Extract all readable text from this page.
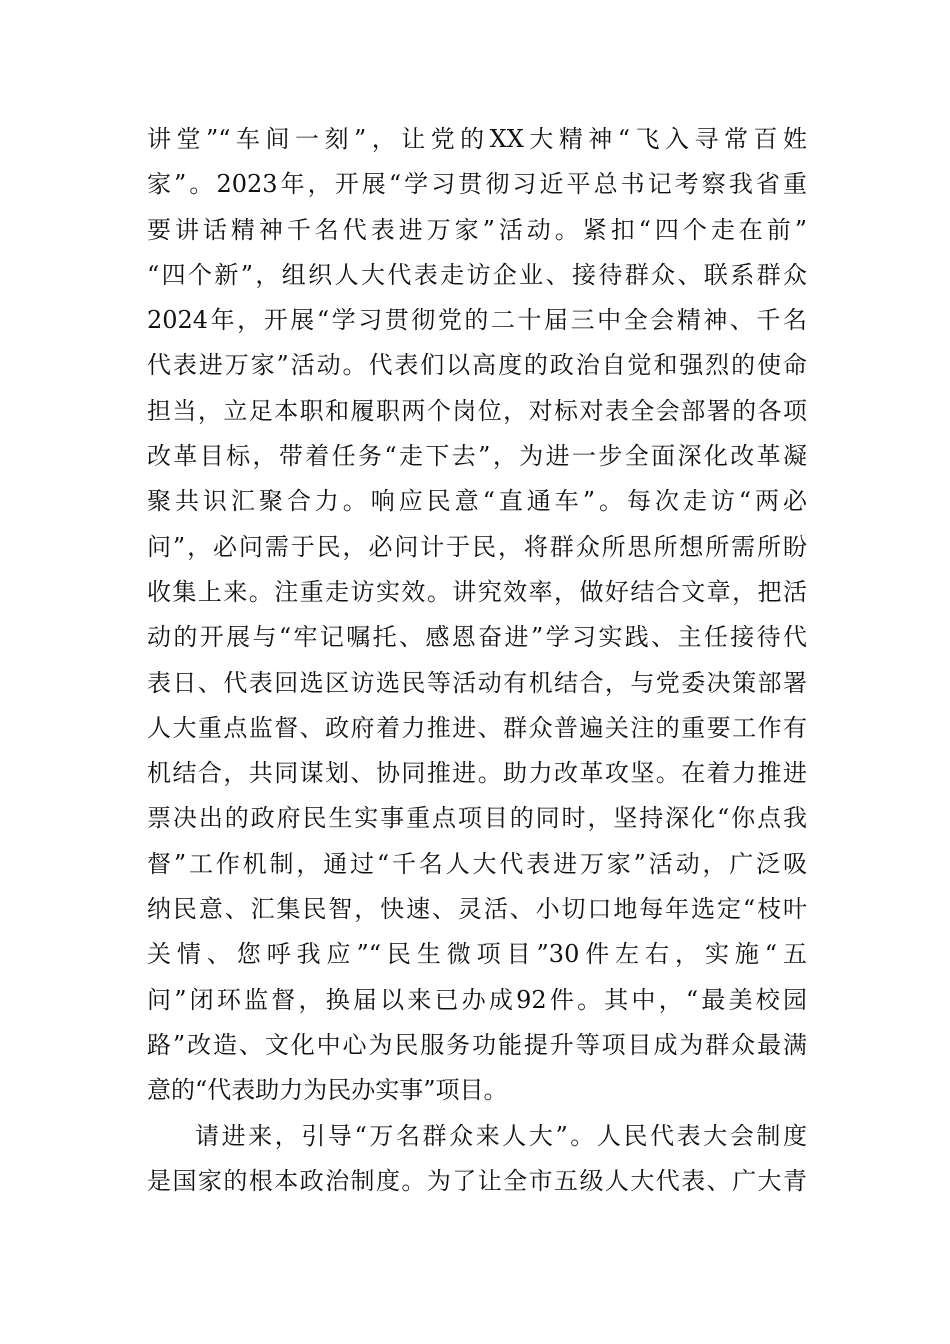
讲堂”“车间一刻”，让党的XX大精神“飞入寻常百姓
家”。2023年，开展“学习贯彻习近平总书记考察我省重
要讲话精神千名代表进万家”活动。紧扣“四个走在前”
“四个新”，组织人大代表走访企业、接待群众、联系群众
2024年，开展“学习贯彻党的二十届三中全会精神、千名
代表进万家”活动。代表们以高度的政治自觉和强烈的使命
担当，立足本职和履职两个岗位，对标对表全会部署的各项
改革目标，带着任务“走下去”，为进一步全面深化改革凝
聚共识汇聚合力。响应民意“直通车”。每次走访“两必
问”，必问需于民，必问计于民，将群众所思所想所需所盼
收集上来。注重走访实效。讲究效率，做好结合文章，把活
动的开展与“牢记嘱托、感恩奋进”学习实践、主任接待代
表日、代表回选区访选民等活动有机结合，与党委决策部署
人大重点监督、政府着力推进、群众普遍关注的重要工作有
机结合，共同谋划、协同推进。助力改革攻坚。在着力推进
票决出的政府民生实事重点项目的同时，坚持深化“你点我
督”工作机制，通过“千名人大代表进万家”活动，广泛吸
纳民意、汇集民智，快速、灵活、小切口地每年选定“枝叶
关情、您呼我应”“民生微项目”30件左右，实施“五
问”闭环监督，换届以来已办成92件。其中，“最美校园
路”改造、文化中心为民服务功能提升等项目成为群众最满
意的“代表助力为民办实事”项目。
请进来，引导“万名群众来人大”。人民代表大会制度
是国家的根本政治制度。为了让全市五级人大代表、广大青
